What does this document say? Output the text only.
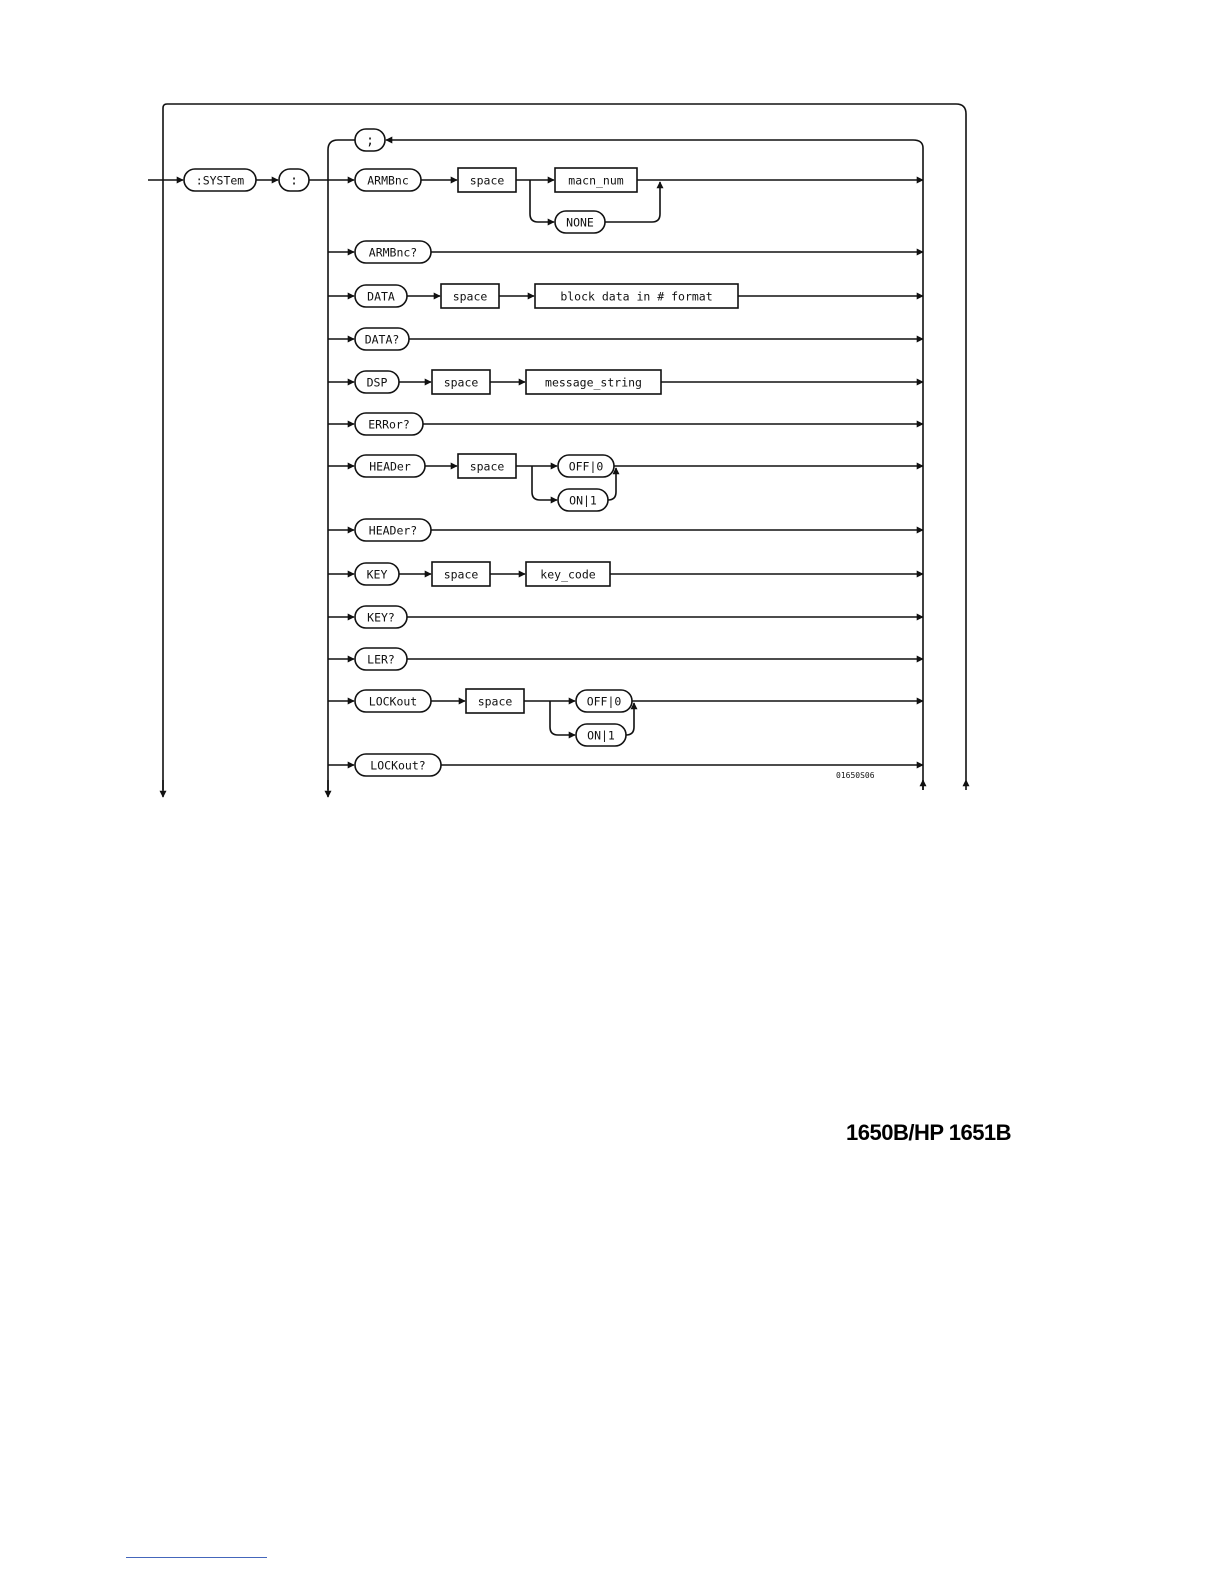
;
:SYSTem	:	ARMBnc	space	macn_num
NONE
ARMBnc?
DATA	space	block data in # format
DATA?
DSP	space	message_string
ERRor?
HEADer	space	OFF|0
ON|1
HEADer?
KEY	space	key_code
KEY?
LER?
LOCKout	space	OFF|0
ON|1
LOCKout?
01650S06
1650B/HP 1651B
